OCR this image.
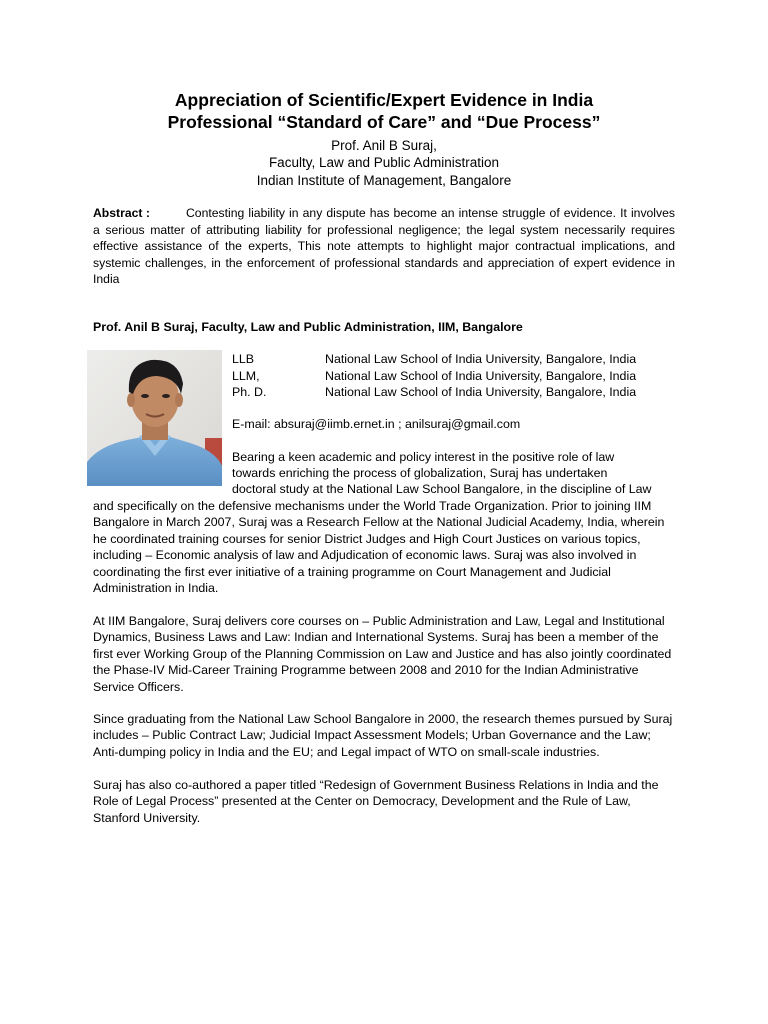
Appreciation of Scientific/Expert Evidence in India
Professional “Standard of Care” and “Due Process”
Prof. Anil B Suraj,
Faculty, Law and Public Administration
Indian Institute of Management, Bangalore
Abstract :	Contesting liability in any dispute has become an intense struggle of evidence. It involves a serious matter of attributing liability for professional negligence; the legal system necessarily requires effective assistance of the experts, This note attempts to highlight major contractual implications, and systemic challenges, in the enforcement of professional standards and appreciation of expert evidence in India
Prof. Anil B Suraj, Faculty, Law and Public Administration, IIM, Bangalore
LLB	National Law School of India University, Bangalore, India
LLM,	National Law School of India University, Bangalore, India
Ph. D.	National Law School of India University, Bangalore, India
E-mail: absuraj@iimb.ernet.in ; anilsuraj@gmail.com
Bearing a keen academic and policy interest in the positive role of law
towards enriching the process of globalization, Suraj has undertaken
doctoral study at the National Law School Bangalore, in the discipline of Law
and specifically on the defensive mechanisms under the World Trade Organization. Prior to joining IIM Bangalore in March 2007, Suraj was a Research Fellow at the National Judicial Academy, India, wherein he coordinated training courses for senior District Judges and High Court Justices on various topics, including – Economic analysis of law and Adjudication of economic laws. Suraj was also involved in coordinating the first ever initiative of a training programme on Court Management and Judicial Administration in India.
At IIM Bangalore, Suraj delivers core courses on – Public Administration and Law, Legal and Institutional Dynamics, Business Laws and Law: Indian and International Systems. Suraj has been a member of the first ever Working Group of the Planning Commission on Law and Justice and has also jointly coordinated the Phase-IV Mid-Career Training Programme between 2008 and 2010 for the Indian Administrative Service Officers.
Since graduating from the National Law School Bangalore in 2000, the research themes pursued by Suraj includes – Public Contract Law; Judicial Impact Assessment Models; Urban Governance and the Law; Anti-dumping policy in India and the EU; and Legal impact of WTO on small-scale industries.
Suraj has also co-authored a paper titled “Redesign of Government Business Relations in India and the Role of Legal Process” presented at the Center on Democracy, Development and the Rule of Law, Stanford University.
